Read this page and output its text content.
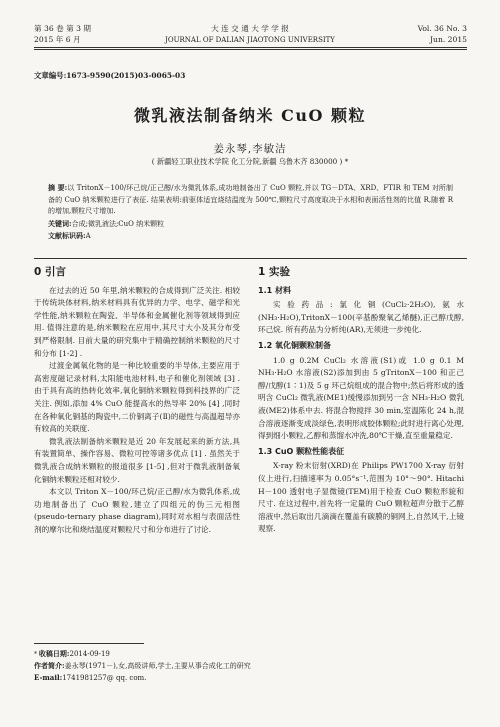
第 36 卷 第 3 期
2015 年 6 月
大 连 交 通 大 学 学 报
JOURNAL OF DALIAN JIAOTONG UNIVERSITY
Vol. 36 No. 3
Jun. 2015
文章编号:1673-9590(2015)03-0065-03
微乳液法制备纳米 CuO 颗粒
姜永琴,李敏洁
( 新疆轻工职业技术学院 化工分院,新疆 乌鲁木齐 830000 ) *
摘 要:以 TritonX－100/环己烷/正己醇/水为微乳体系,成功地制备出了 CuO 颗粒,并以 TG－DTA、XRD、FTIR 和 TEM 对所制备的 CuO 纳米颗粒进行了表征. 结果表明:前驱体适宜烧结温度为 500℃,颗粒尺寸高度取决于水相和表面活性剂的比值 R,随着 R 的增加,颗粒尺寸增加.
关键词:合成;微乳液法;CuO 纳米颗粒
文献标识码:A
0 引言

在过去的近 50 年里,纳米颗粒的合成得到广泛关注. 相较于传统块体材料,纳米材料具有优异的力学、电学、磁学和光学性能,纳米颗粒在陶瓷、半导体和金属催化剂等领域得到应用. 值得注意的是,纳米颗粒在应用中,其尺寸大小及其分布受到严格限制. 目前大量的研究集中于精确控制纳米颗粒的尺寸和分布 [1-2] .

过渡金属氧化物的是一种比较重要的半导体,主要应用于高密度磁记录材料,太阳能电池材料,电子和催化剂领域 [3] . 由于具有高的热转化效率,氧化铜纳米颗粒得到科技界的广泛关注. 例如,添加 4% CuO 能提高水的热导率 20% [4] ,同时在各种氧化铜基的陶瓷中,二价铜离子(Ⅱ)的磁性与高温超导亦有较高的关联度.

微乳液法制备纳米颗粒是近 20 年发展起来的新方法,具有装置简单、操作容易、微粒可控等诸多优点 [1] . 虽然关于微乳液合成纳米颗粒的报道很多 [1-5] ,但对于微乳液制备氧化铜纳米颗粒还相对较少.

本文以 Triton X－100/环己烷/正己醇/水为微乳体系,成功地制备出了 CuO 颗粒,建立了四组元的伪三元相图(pseudo-ternary phase diagram),同时对水相与表面活性剂的摩尔比和烧结温度对颗粒尺寸和分布进行了讨论.

1 实验
1.1 材料

实验药品:氯化铜(CuCl₂·2H₂O),氨水(NH₃·H₂O),TritonX－100(辛基酚聚氧乙烯醚),正己醇戊醇,环己烷. 所有药品为分析纯(AR),无须进一步纯化.

1.2 氧化铜颗粒制备

1.0 g 0.2M CuCl₂ 水溶液(S1)或 1.0 g 0.1 M NH₃·H₂O 水溶液(S2)添加到由 5 gTritonX－100 和正己醇/戊醇(1∶1)及 5 g 环己烷组成的混合物中;然后将形成的透明含 CuCl₂ 微乳液(ME1)缓慢添加到另一含 NH₃·H₂O 微乳液(ME2)体系中去. 将混合物搅拌 30 min,室温陈化 24 h,混合溶液逐渐变成淡绿色,表明形成胶体颗粒;此时进行离心处理,得到细小颗粒,乙醇和蒸馏水冲洗,80℃干燥,直至重量稳定.

1.3 CuO 颗粒性能表征

X-ray 粉末衍射(XRD)在 Philips PW1700 X-ray 衍射仪上进行,扫描速率为 0.05°s⁻¹,范围为 10°～90°. Hitachi H－100 透射电子显微镜(TEM)用于检查 CuO 颗粒形貌和尺寸. 在这过程中,首先将一定量的 CuO 颗粒超声分散于乙醇溶液中,然后取出几滴滴在覆盖有碳膜的铜网上,自然风干,上镜观察.

* 收稿日期:2014-09-19
作者简介:姜永琴(1971－),女,高级讲师,学士,主要从事合成化工的研究
E-mail:1741981257@ qq. com.
